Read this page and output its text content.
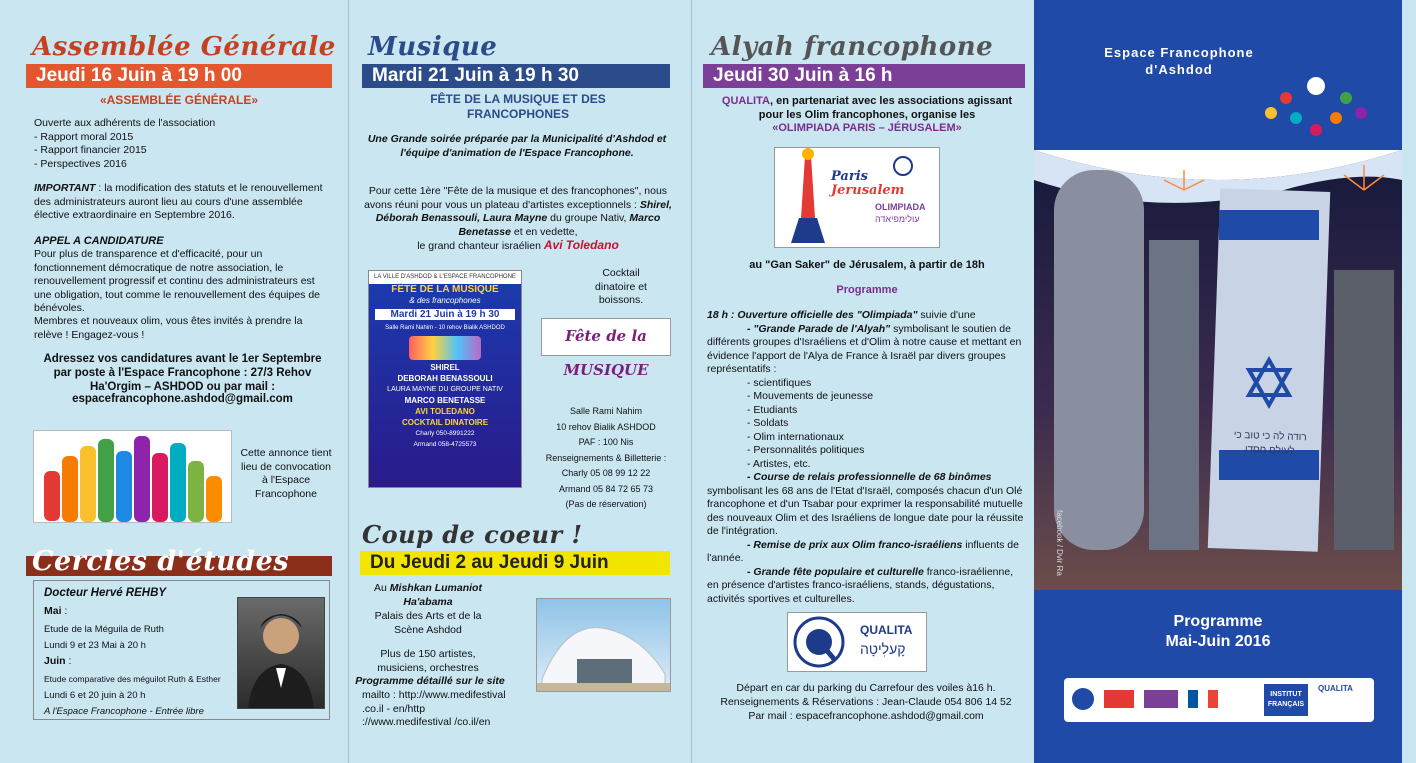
Assemblée Générale
Jeudi 16 Juin à 19 h 00
«ASSEMBLÉE GÉNÉRALE»
Ouverte aux adhérents de l'association
- Rapport moral 2015
- Rapport financier 2015
- Perspectives 2016
IMPORTANT : la modification des statuts et le renouvellement des administrateurs auront lieu au cours d'une assemblée élective extraordinaire en Septembre 2016.
APPEL A CANDIDATURE
Pour plus de transparence et d'efficacité, pour un fonctionnement démocratique de notre association, le renouvellement progressif et continu des administrateurs est une obligation, tout comme le renouvellement des équipes de bénévoles.
Membres et nouveaux olim, vous êtes invités à prendre la relève ! Engagez-vous !
Adressez vos candidatures avant le 1er Septembre par poste à l'Espace Francophone : 27/3 Rehov Ha'Orgim – ASHDOD ou par mail :
espacefrancophone.ashdod@gmail.com
Cette annonce tient lieu de convocation à l'Espace Francophone
Cercles d'études
Docteur Hervé REHBY
Mai :
Etude de la Méguila de Ruth
Lundi 9 et 23 Mai à 20 h
Juin :
Etude comparative des méguilot Ruth & Esther
Lundi 6 et 20 juin à 20 h
A l'Espace Francophone - Entrée libre
Musique
Mardi 21 Juin à 19 h 30
FÊTE DE LA MUSIQUE ET DES FRANCOPHONES
Une Grande soirée préparée par la Municipalité d'Ashdod et l'équipe d'animation de l'Espace Francophone.
Pour cette 1ère "Fête de la musique et des francophones", nous avons réuni pour vous un plateau d'artistes exceptionnels : Shirel, Déborah Benassouli, Laura Mayne du groupe Nativ, Marco Benetasse et en vedette,
le grand chanteur israélien Avi Toledano
LA VILLE D'ASHDOD & L'ESPACE FRANCOPHONE
FÊTE DE LA MUSIQUE
& des francophones
Mardi 21 Juin à 19 h 30
Salle Rami Nahim - 10 rehov Bialik ASHDOD
SHIREL
DEBORAH BENASSOULI
LAURA MAYNE DU GROUPE NATIV
MARCO BENETASSE
AVI TOLEDANO
COCKTAIL DINATOIRE
Charly 050-8991222
Armand 058-4725573
Cocktail dinatoire et boissons.
Fête de la MUSIQUE
Salle Rami Nahim
10 rehov Bialik ASHDOD
PAF : 100 Nis
Renseignements & Billetterie :
Charly 05 08 99 12 22
Armand 05 84 72 65 73
(Pas de réservation)
Du Jeudi 2 au Jeudi 9 Juin
Coup de coeur !
Au Mishkan Lumaniot Ha'abama
Palais des Arts et de la Scène Ashdod
Plus de 150 artistes, musiciens, orchestres
Programme détaillé sur le site
mailto : http://www.medifestival .co.il - en/http ://www.medifestival /co.il/en
Alyah francophone
Jeudi 30 Juin à 16 h
QUALITA, en partenariat avec les associations agissant pour les Olim francophones, organise les
«OLIMPIADA PARIS – JÉRUSALEM»
Paris
Jerusalem
OLIMPIADA
עולימפיאדה
au "Gan Saker" de Jérusalem, à partir de 18h
Programme
18 h : Ouverture officielle des "Olimpiada" suivie d'une
- "Grande Parade de l'Alyah" symbolisant le soutien de différents groupes d'Israéliens et d'Olim à notre cause et mettant en évidence l'apport de l'Alya de France à Israël par divers groupes représentatifs :
- scientifiques
- Mouvements de jeunesse
- Etudiants
- Soldats
- Olim internationaux
- Personnalités politiques
- Artistes, etc.
- Course de relais professionnelle de 68 binômes symbolisant les 68 ans de l'Etat d'Israël, composés chacun d'un Olé francophone et d'un Tsabar pour exprimer la responsabilité mutuelle des nouveaux Olim et des Israéliens de longue date pour la réussite de l'intégration.
- Remise de prix aux Olim franco-israéliens influents de l'année.
- Grande fête populaire et culturelle franco-israélienne, en présence d'artistes franco-israéliens, stands, dégustations, activités sportives et culturelles.
QUALITA
קָעלִיטָה
Départ en car du parking du Carrefour des voiles à16 h.
Renseignements & Réservations : Jean-Claude 054 806 14 52
Par mail : espacefrancophone.ashdod@gmail.com
Espace Francophone
d'Ashdod
רודה לה כי טוב כי לעולם חסדו
facebook / Dvir Ra
Programme
Mai-Juin 2016
INSTITUT FRANÇAIS
QUALITA
